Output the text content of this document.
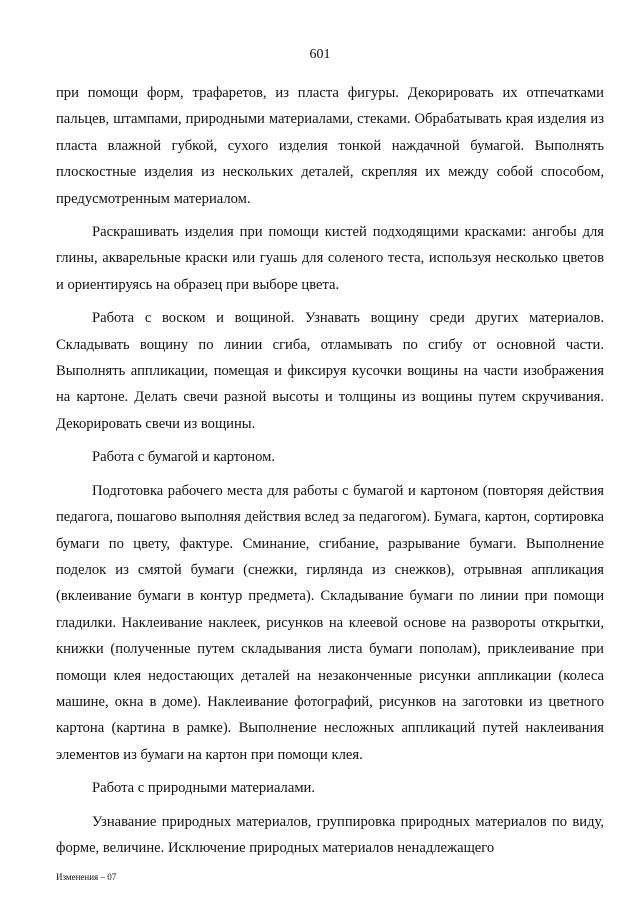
601

при помощи форм, трафаретов, из пласта фигуры. Декорировать их отпечатками пальцев, штампами, природными материалами, стеками. Обрабатывать края изделия из пласта влажной губкой, сухого изделия тонкой наждачной бумагой. Выполнять плоскостные изделия из нескольких деталей, скрепляя их между собой способом, предусмотренным материалом.

Раскрашивать изделия при помощи кистей подходящими красками: ангобы для глины, акварельные краски или гуашь для соленого теста, используя несколько цветов и ориентируясь на образец при выборе цвета.

Работа с воском и вощиной. Узнавать вощину среди других материалов. Складывать вощину по линии сгиба, отламывать по сгибу от основной части. Выполнять аппликации, помещая и фиксируя кусочки вощины на части изображения на картоне. Делать свечи разной высоты и толщины из вощины путем скручивания. Декорировать свечи из вощины.

Работа с бумагой и картоном.

Подготовка рабочего места для работы с бумагой и картоном (повторяя действия педагога, пошагово выполняя действия вслед за педагогом). Бумага, картон, сортировка бумаги по цвету, фактуре. Сминание, сгибание, разрывание бумаги. Выполнение поделок из смятой бумаги (снежки, гирлянда из снежков), отрывная аппликация (вклеивание бумаги в контур предмета). Складывание бумаги по линии при помощи гладилки. Наклеивание наклеек, рисунков на клеевой основе на развороты открытки, книжки (полученные путем складывания листа бумаги пополам), приклеивание при помощи клея недостающих деталей на незаконченные рисунки аппликации (колеса машине, окна в доме). Наклеивание фотографий, рисунков на заготовки из цветного картона (картина в рамке). Выполнение несложных аппликаций путей наклеивания элементов из бумаги на картон при помощи клея.

Работа с природными материалами.

Узнавание природных материалов, группировка природных материалов по виду, форме, величине. Исключение природных материалов ненадлежащего

Изменения – 07
